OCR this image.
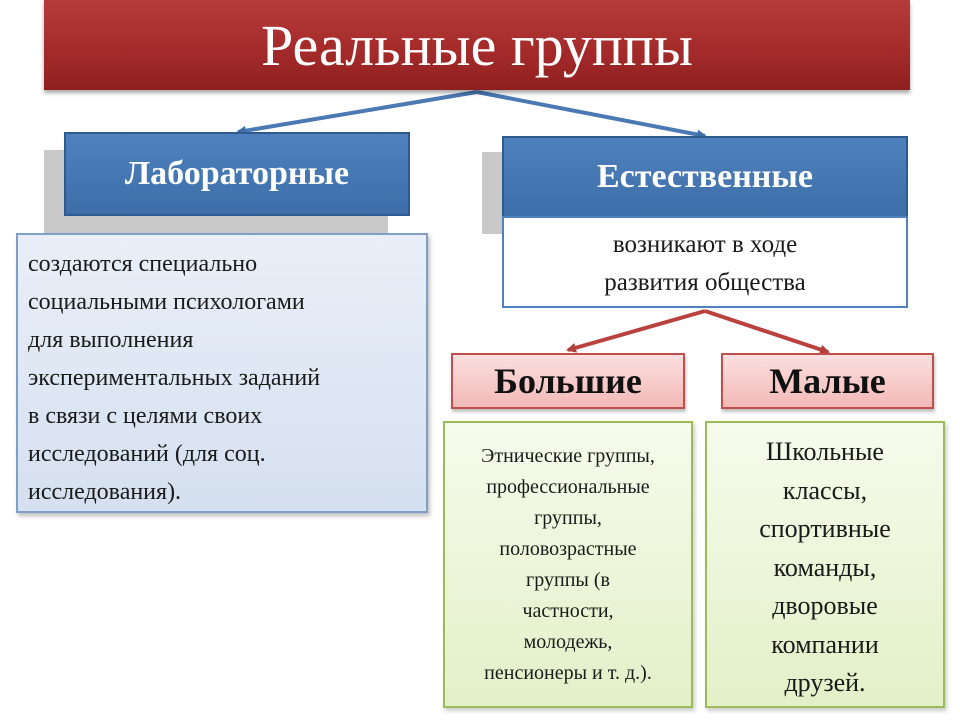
Реальные группы
Лабораторные
создаются специально
социальными психологами
для выполнения
экспериментальных заданий
в связи с целями своих
исследований (для соц.
исследования).
Естественные
возникают в ходе
развития общества
Большие
Этнические группы,
профессиональные
группы,
половозрастные
группы (в
частности,
молодежь,
пенсионеры и т. д.).
Малые
Школьные
классы,
спортивные
команды,
дворовые
компании
друзей.
